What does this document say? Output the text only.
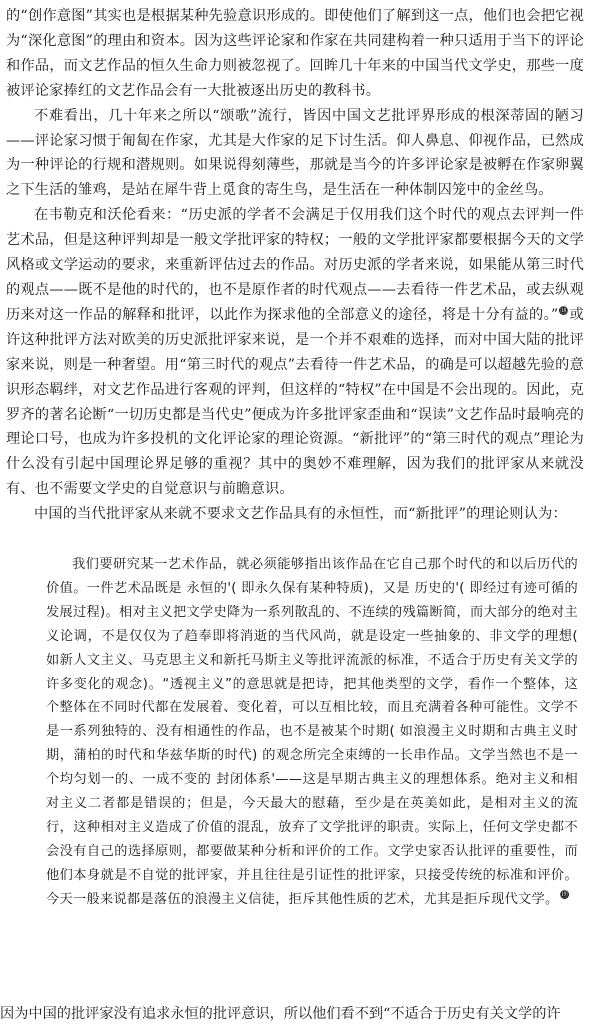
的“创作意图”其实也是根据某种先验意识形成的。即使他们了解到这一点，他们也会把它视为“深化意图”的理由和资本。因为这些评论家和作家在共同建构着一种只适用于当下的评论和作品，而文艺作品的恒久生命力则被忽视了。回眸几十年来的中国当代文学史，那些一度被评论家捧红的文艺作品会有一大批被逐出历史的教科书。

不难看出，几十年来之所以“颂歌”流行，皆因中国文艺批评界形成的根深蒂固的陋习——评论家习惯于匍匐在作家，尤其是大作家的足下讨生活。仰人鼻息、仰视作品，已然成为一种评论的行规和潜规则。如果说得刻薄些，那就是当今的许多评论家是被孵在作家卵翼之下生活的雏鸡，是站在犀牛背上觅食的寄生鸟，是生活在一种体制囚笼中的金丝鸟。

在韦勒克和沃伦看来：“历史派的学者不会满足于仅用我们这个时代的观点去评判一件艺术品，但是这种评判却是一般文学批评家的特权；一般的文学批评家都要根据今天的文学风格或文学运动的要求，来重新评估过去的作品。对历史派的学者来说，如果能从第三时代的观点——既不是他的时代的，也不是原作者的时代观点——去看待一件艺术品，或去纵观历来对这一作品的解释和批评，以此作为探求他的全部意义的途径，将是十分有益的。”⑱或许这种批评方法对欧美的历史派批评家来说，是一个并不艰难的选择，而对中国大陆的批评家来说，则是一种奢望。用“第三时代的观点”去看待一件艺术品，的确是可以超越先验的意识形态羁绊，对文艺作品进行客观的评判，但这样的“特权”在中国是不会出现的。因此，克罗齐的著名论断“一切历史都是当代史”便成为许多批评家歪曲和“误读”文艺作品时最响亮的理论口号，也成为许多投机的文化评论家的理论资源。“新批评”的“第三时代的观点”理论为什么没有引起中国理论界足够的重视？其中的奥妙不难理解，因为我们的批评家从来就没有、也不需要文学史的自觉意识与前瞻意识。

中国的当代批评家从来就不要求文艺作品具有的永恒性，而“新批评”的理论则认为：

我们要研究某一艺术作品，就必须能够指出该作品在它自己那个时代的和以后历代的价值。一件艺术品既是 永恒的'( 即永久保有某种特质)，又是 历史的'( 即经过有迹可循的发展过程)。相对主义把文学史降为一系列散乱的、不连续的残篇断简，而大部分的绝对主义论调，不是仅仅为了趋奉即将消逝的当代风尚，就是设定一些抽象的、非文学的理想( 如新人文主义、马克思主义和新托马斯主义等批评流派的标准，不适合于历史有关文学的许多变化的观念)。“透视主义”的意思就是把诗，把其他类型的文学，看作一个整体，这个整体在不同时代都在发展着、变化着，可以互相比较，而且充满着各种可能性。文学不是一系列独特的、没有相通性的作品，也不是被某个时期( 如浪漫主义时期和古典主义时期，蒲柏的时代和华兹华斯的时代) 的观念所完全束缚的一长串作品。文学当然也不是一个均匀划一的、一成不变的 封闭体系'——这是早期古典主义的理想体系。绝对主义和相对主义二者都是错误的；但是，今天最大的慰藉，至少是在英美如此，是相对主义的流行，这种相对主义造成了价值的混乱，放弃了文学批评的职责。实际上，任何文学史都不会没有自己的选择原则，都要做某种分析和评价的工作。文学史家否认批评的重要性，而他们本身就是不自觉的批评家，并且往往是引证性的批评家，只接受传统的标准和评价。今天一般来说都是落伍的浪漫主义信徒，拒斥其他性质的艺术，尤其是拒斥现代文学。⑲
因为中国的批评家没有追求永恒的批评意识，所以他们看不到“不适合于历史有关文学的许
